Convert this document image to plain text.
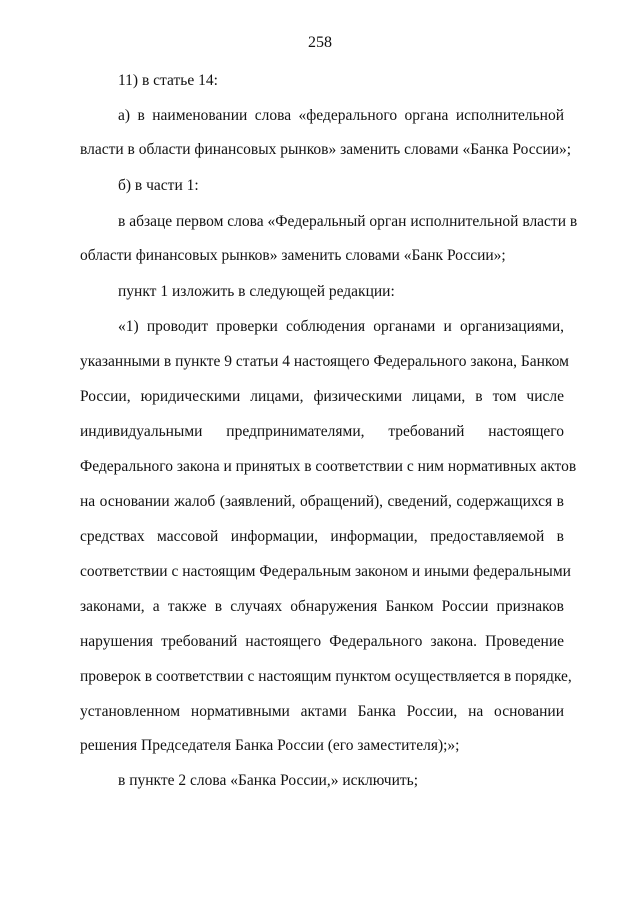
258
11) в статье 14:
а) в наименовании слова «федерального органа исполнительной
власти в области финансовых рынков» заменить словами «Банка России»;
б) в части 1:
в абзаце первом слова «Федеральный орган исполнительной власти в
области финансовых рынков» заменить словами «Банк России»;
пункт 1 изложить в следующей редакции:
«1) проводит проверки соблюдения органами и организациями,
указанными в пункте 9 статьи 4 настоящего Федерального закона, Банком
России, юридическими лицами, физическими лицами, в том числе
индивидуальными предпринимателями, требований настоящего
Федерального закона и принятых в соответствии с ним нормативных актов
на основании жалоб (заявлений, обращений), сведений, содержащихся в
средствах массовой информации, информации, предоставляемой в
соответствии с настоящим Федеральным законом и иными федеральными
законами, а также в случаях обнаружения Банком России признаков
нарушения требований настоящего Федерального закона. Проведение
проверок в соответствии с настоящим пунктом осуществляется в порядке,
установленном нормативными актами Банка России, на основании
решения Председателя Банка России (его заместителя);»;
в пункте 2 слова «Банка России,» исключить;
